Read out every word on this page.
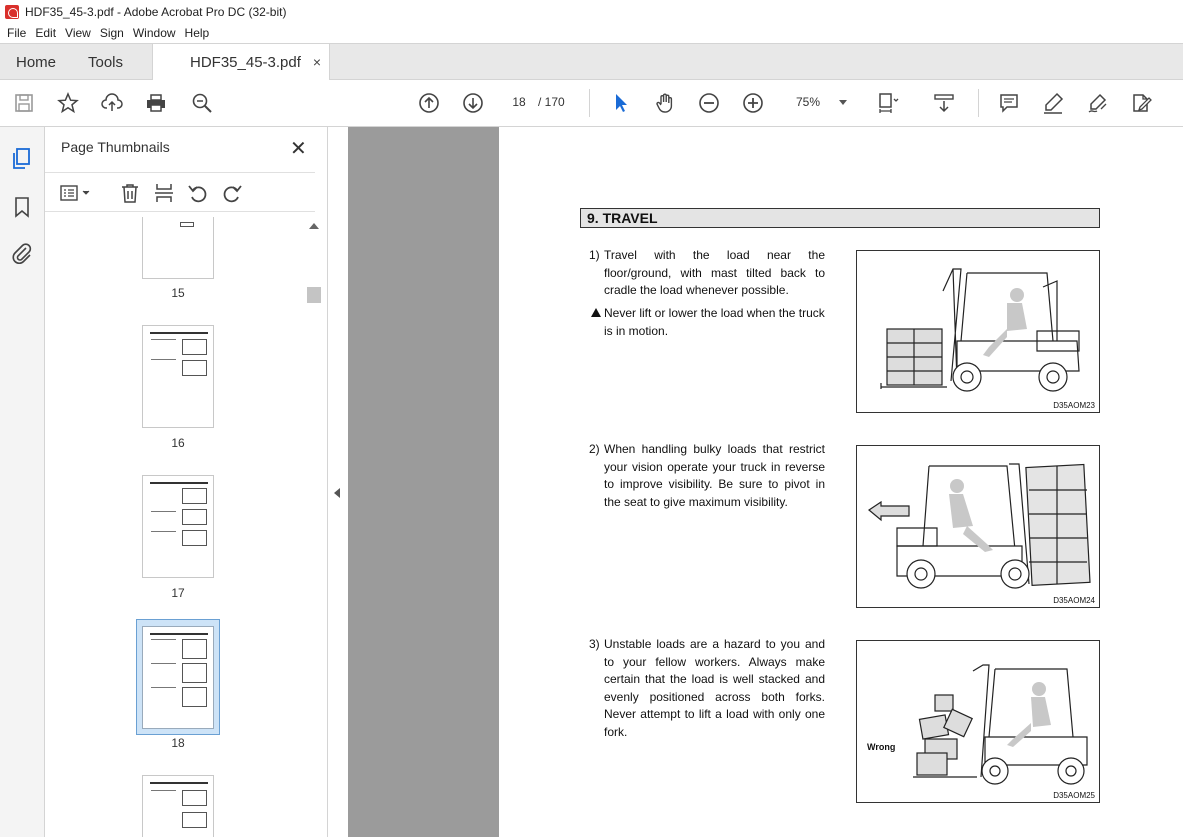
HDF35_45-3.pdf - Adobe Acrobat Pro DC (32-bit)
File Edit View Sign Window Help
Home Tools	HDF35_45-3.pdf ×
18
/ 170	75%
Page Thumbnails	✕
15
16
17
18
9. TRAVEL
1) Travel with the load near the floor/ground, with mast tilted back to cradle the load whenever possible.
Never lift or lower the load when the truck is in motion.
2) When handling bulky loads that restrict your vision operate your truck in reverse to improve visibility. Be sure to pivot in the seat to give maximum visibility.
3) Unstable loads are a hazard to you and to your fellow workers. Always make certain that the load is well stacked and evenly positioned across both forks. Never attempt to lift a load with only one fork.
D35AOM23
D35AOM24
Wrong
D35AOM25
